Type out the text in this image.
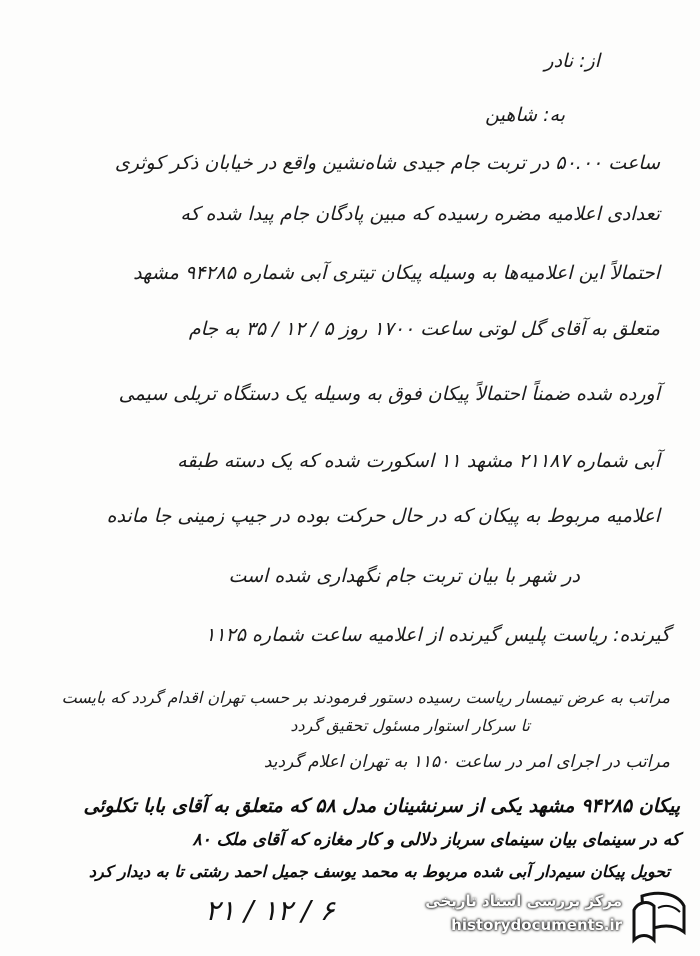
از: نادر
به: شاهین
ساعت ۵۰.۰۰ در تربت جام جیدی شاه‌نشین واقع در خیابان ذکر کوثری
تعدادی اعلامیه مضره رسیده که مبین پادگان جام پیدا شده که
احتمالاً این اعلامیه‌ها به وسیله پیکان تیتری آبی شماره ۹۴۲۸۵ مشهد
متعلق به آقای گل لوتی ساعت ۱۷۰۰ روز ۵ / ۱۲ / ۳۵ به جام
آورده شده ضمناً احتمالاً پیکان فوق به وسیله یک دستگاه تریلی سیمی
آبی شماره ۲۱۱۸۷ مشهد ۱۱ اسکورت شده که یک دسته طبقه
اعلامیه مربوط به پیکان که در حال حرکت بوده در جیپ زمینی جا مانده
در شهر با بیان تربت جام نگهداری شده است
گیرنده: ریاست پلیس گیرنده از اعلامیه ساعت شماره ۱۱۲۵
مراتب به عرض تیمسار ریاست رسیده دستور فرمودند بر حسب تهران اقدام گردد که بایست
تا سرکار استوار مسئول تحقیق گردد
مراتب در اجرای امر در ساعت ۱۱۵۰ به تهران اعلام گردید
پیکان ۹۴۲۸۵ مشهد یکی از سرنشینان مدل ۵۸ که متعلق به آقای بابا تکلوئی
که در سینمای بیان سینمای سرباز دلالی و کار مغازه که آقای ملک ۸۰
تحویل پیکان سیم‌دار آبی شده مربوط به محمد یوسف جمیل احمد رشتی تا به دیدار کرد
۲۱ / ۱۲ / ۶	مرکز بررسی اسناد تاریخی
historydocuments.ir
